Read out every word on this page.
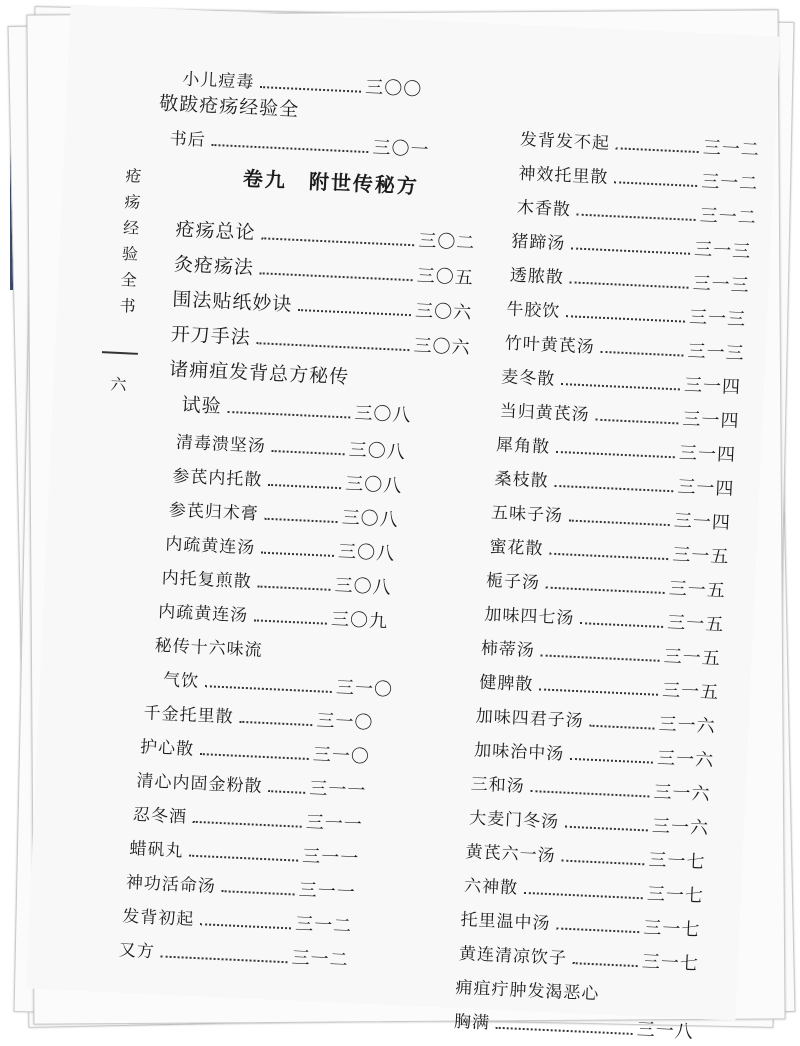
疮疡经验全书
六
卷九　附世传秘方
小儿痘毒	三〇〇
敬跋疮疡经验全
书后	三〇一
疮疡总论	三〇二
灸疮疡法	三〇五
围法贴纸妙诀	三〇六
开刀手法	三〇六
诸痈疽发背总方秘传
试验	三〇八
清毒溃坚汤	三〇八
参芪内托散	三〇八
参芪归术膏	三〇八
内疏黄连汤	三〇八
内托复煎散	三〇八
内疏黄连汤	三〇九
秘传十六味流
气饮	三一〇
千金托里散	三一〇
护心散	三一〇
清心内固金粉散	三一一
忍冬酒	三一一
蜡矾丸	三一一
神功活命汤	三一一
发背初起	三一二
又方	三一二
发背发不起	三一二
神效托里散	三一二
木香散	三一二
猪蹄汤	三一三
透脓散	三一三
牛胶饮	三一三
竹叶黄芪汤	三一三
麦冬散	三一四
当归黄芪汤	三一四
犀角散	三一四
桑枝散	三一四
五味子汤	三一四
蜜花散	三一五
栀子汤	三一五
加味四七汤	三一五
柿蒂汤	三一五
健脾散	三一五
加味四君子汤	三一六
加味治中汤	三一六
三和汤	三一六
大麦门冬汤	三一六
黄芪六一汤	三一七
六神散	三一七
托里温中汤	三一七
黄连清凉饮子	三一七
痈疽疔肿发渴恶心
胸满	三一八
